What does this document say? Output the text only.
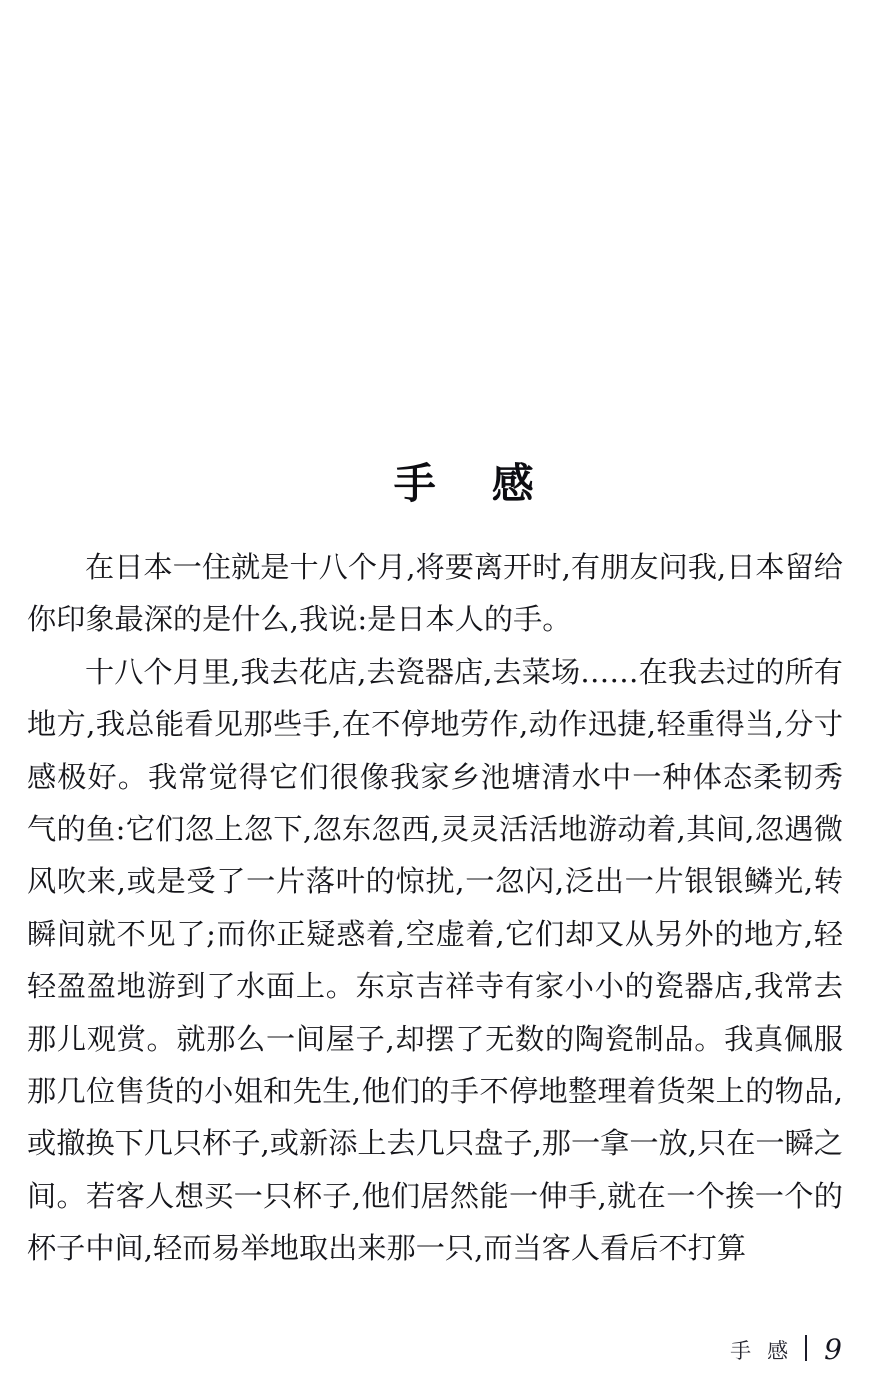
手 感

在日本一住就是十八个月,将要离开时,有朋友问我,日本留给你印象最深的是什么,我说:是日本人的手。

十八个月里,我去花店,去瓷器店,去菜场……在我去过的所有地方,我总能看见那些手,在不停地劳作,动作迅捷,轻重得当,分寸感极好。我常觉得它们很像我家乡池塘清水中一种体态柔韧秀气的鱼:它们忽上忽下,忽东忽西,灵灵活活地游动着,其间,忽遇微风吹来,或是受了一片落叶的惊扰,一忽闪,泛出一片银银鳞光,转瞬间就不见了;而你正疑惑着,空虚着,它们却又从另外的地方,轻轻盈盈地游到了水面上。东京吉祥寺有家小小的瓷器店,我常去那儿观赏。就那么一间屋子,却摆了无数的陶瓷制品。我真佩服那几位售货的小姐和先生,他们的手不停地整理着货架上的物品,或撤换下几只杯子,或新添上去几只盘子,那一拿一放,只在一瞬之间。若客人想买一只杯子,他们居然能一伸手,就在一个挨一个的杯子中间,轻而易举地取出来那一只,而当客人看后不打算

手 感 9
